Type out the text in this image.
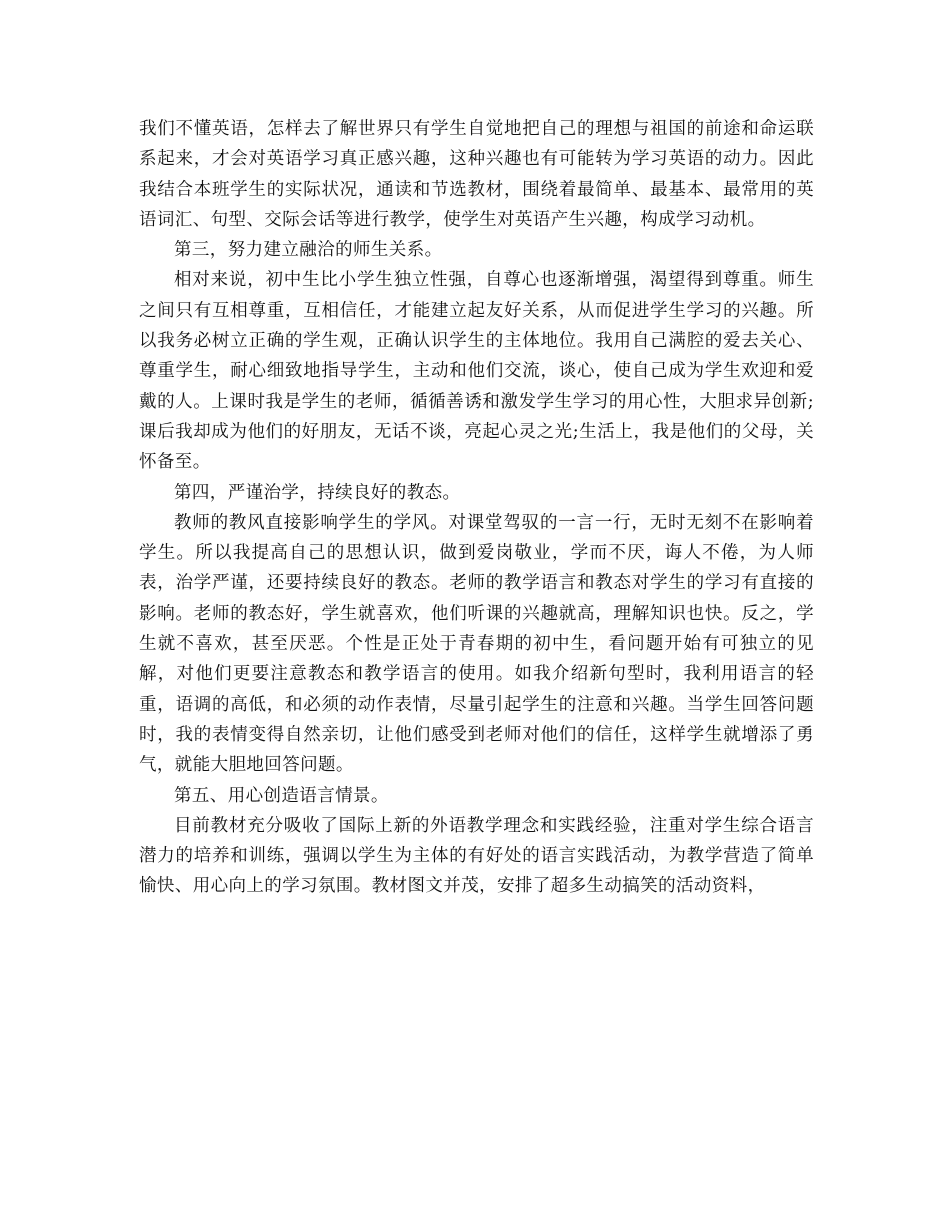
我们不懂英语，怎样去了解世界只有学生自觉地把自己的理想与祖国的前途和命运联系起来，才会对英语学习真正感兴趣，这种兴趣也有可能转为学习英语的动力。因此我结合本班学生的实际状况，通读和节选教材，围绕着最简单、最基本、最常用的英语词汇、句型、交际会话等进行教学，使学生对英语产生兴趣，构成学习动机。

第三，努力建立融洽的师生关系。

相对来说，初中生比小学生独立性强，自尊心也逐渐增强，渴望得到尊重。师生之间只有互相尊重，互相信任，才能建立起友好关系，从而促进学生学习的兴趣。所以我务必树立正确的学生观，正确认识学生的主体地位。我用自己满腔的爱去关心、尊重学生，耐心细致地指导学生，主动和他们交流，谈心，使自己成为学生欢迎和爱戴的人。上课时我是学生的老师，循循善诱和激发学生学习的用心性，大胆求异创新;课后我却成为他们的好朋友，无话不谈，亮起心灵之光;生活上，我是他们的父母，关怀备至。

第四，严谨治学，持续良好的教态。

教师的教风直接影响学生的学风。对课堂驾驭的一言一行，无时无刻不在影响着学生。所以我提高自己的思想认识，做到爱岗敬业，学而不厌，诲人不倦，为人师表，治学严谨，还要持续良好的教态。老师的教学语言和教态对学生的学习有直接的影响。老师的教态好，学生就喜欢，他们听课的兴趣就高，理解知识也快。反之，学生就不喜欢，甚至厌恶。个性是正处于青春期的初中生，看问题开始有可独立的见解，对他们更要注意教态和教学语言的使用。如我介绍新句型时，我利用语言的轻重，语调的高低，和必须的动作表情，尽量引起学生的注意和兴趣。当学生回答问题时，我的表情变得自然亲切，让他们感受到老师对他们的信任，这样学生就增添了勇气，就能大胆地回答问题。

第五、用心创造语言情景。

目前教材充分吸收了国际上新的外语教学理念和实践经验，注重对学生综合语言潜力的培养和训练，强调以学生为主体的有好处的语言实践活动，为教学营造了简单愉快、用心向上的学习氛围。教材图文并茂，安排了超多生动搞笑的活动资料，
